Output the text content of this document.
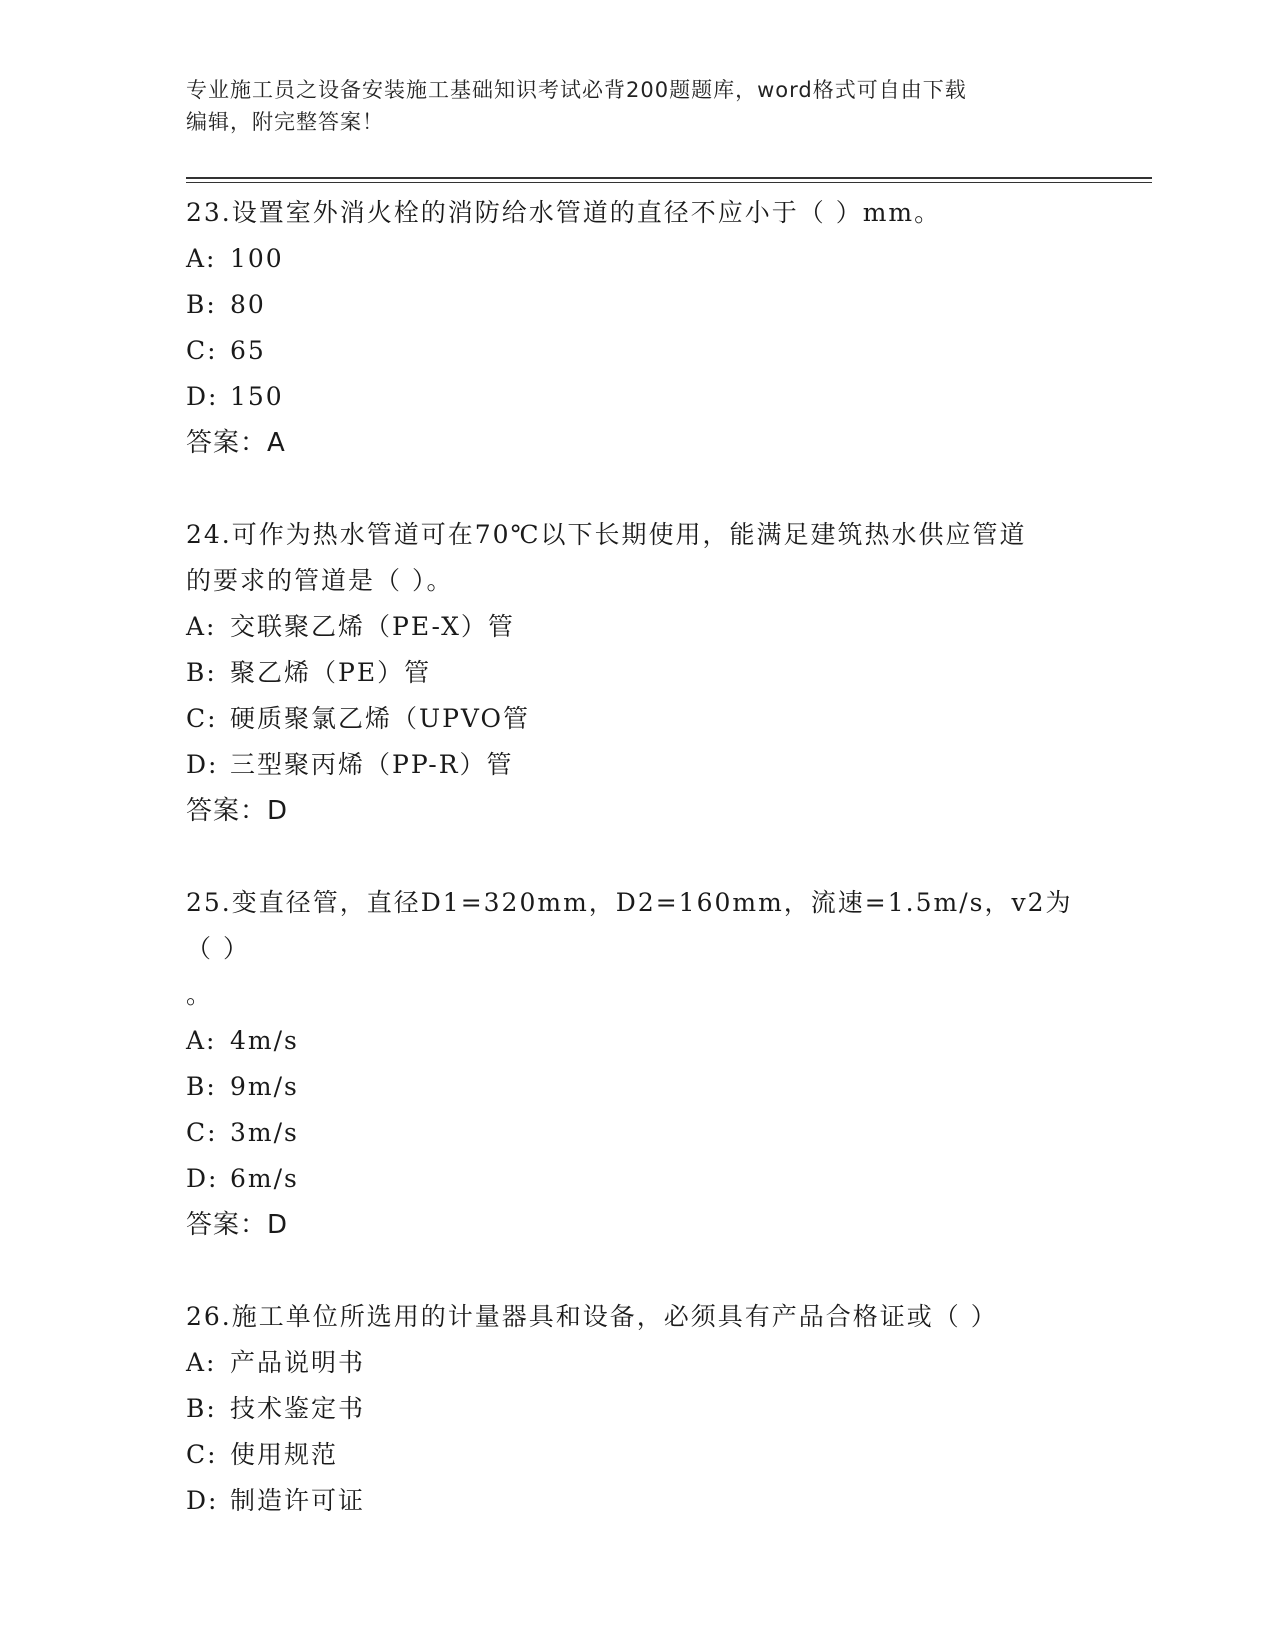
专业施工员之设备安装施工基础知识考试必背200题题库，word格式可自由下载
编辑，附完整答案！

23.设置室外消火栓的消防给水管道的直径不应小于（ ）mm。

A: 100

B: 80

C: 65

D: 150

答案：A

24.可作为热水管道可在70℃以下长期使用，能满足建筑热水供应管道

的要求的管道是（ ）。

A: 交联聚乙烯（PE-X）管

B: 聚乙烯（PE）管

C: 硬质聚氯乙烯（UPVO管

D: 三型聚丙烯（PP-R）管

答案：D

25.变直径管，直径D1=320mm，D2=160mm，流速=1.5m/s，v2为（ ）

。

A: 4m/s

B: 9m/s

C: 3m/s

D: 6m/s

答案：D

26.施工单位所选用的计量器具和设备，必须具有产品合格证或（ ）

A: 产品说明书

B: 技术鉴定书

C: 使用规范

D: 制造许可证
